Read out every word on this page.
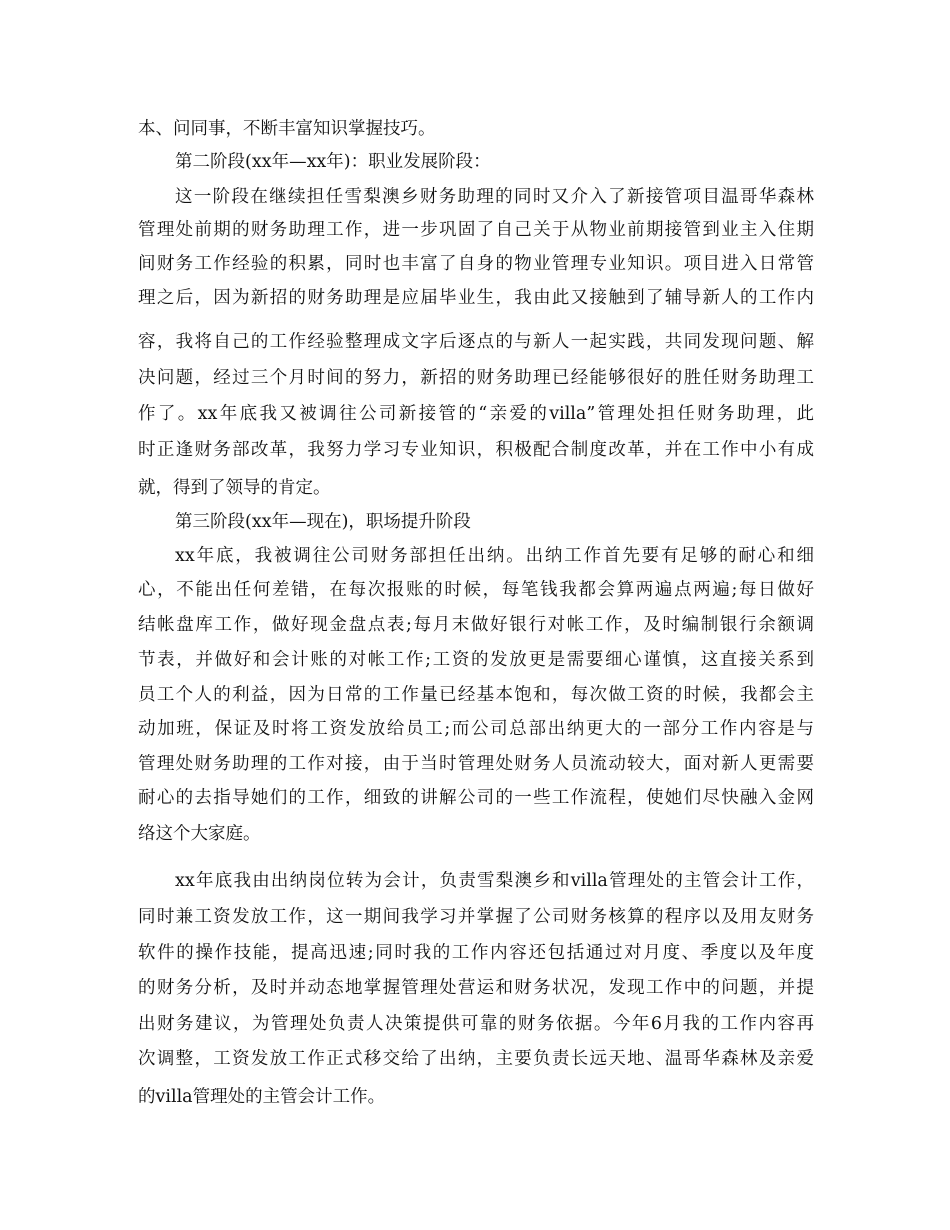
本、问同事，不断丰富知识掌握技巧。
第二阶段(xx年—xx年)：职业发展阶段：
这一阶段在继续担任雪梨澳乡财务助理的同时又介入了新接管项目温哥华森林
管理处前期的财务助理工作，进一步巩固了自己关于从物业前期接管到业主入住期
间财务工作经验的积累，同时也丰富了自身的物业管理专业知识。项目进入日常管
理之后，因为新招的财务助理是应届毕业生，我由此又接触到了辅导新人的工作内
容，我将自己的工作经验整理成文字后逐点的与新人一起实践，共同发现问题、解
决问题，经过三个月时间的努力，新招的财务助理已经能够很好的胜任财务助理工
作了。xx年底我又被调往公司新接管的“亲爱的villa”管理处担任财务助理，此
时正逢财务部改革，我努力学习专业知识，积极配合制度改革，并在工作中小有成
就，得到了领导的肯定。
第三阶段(xx年—现在)，职场提升阶段
xx年底，我被调往公司财务部担任出纳。出纳工作首先要有足够的耐心和细
心，不能出任何差错，在每次报账的时候，每笔钱我都会算两遍点两遍;每日做好
结帐盘库工作，做好现金盘点表;每月末做好银行对帐工作，及时编制银行余额调
节表，并做好和会计账的对帐工作;工资的发放更是需要细心谨慎，这直接关系到
员工个人的利益，因为日常的工作量已经基本饱和，每次做工资的时候，我都会主
动加班，保证及时将工资发放给员工;而公司总部出纳更大的一部分工作内容是与
管理处财务助理的工作对接，由于当时管理处财务人员流动较大，面对新人更需要
耐心的去指导她们的工作，细致的讲解公司的一些工作流程，使她们尽快融入金网
络这个大家庭。
xx年底我由出纳岗位转为会计，负责雪梨澳乡和villa管理处的主管会计工作，
同时兼工资发放工作，这一期间我学习并掌握了公司财务核算的程序以及用友财务
软件的操作技能，提高迅速;同时我的工作内容还包括通过对月度、季度以及年度
的财务分析，及时并动态地掌握管理处营运和财务状况，发现工作中的问题，并提
出财务建议，为管理处负责人决策提供可靠的财务依据。今年6月我的工作内容再
次调整，工资发放工作正式移交给了出纳，主要负责长远天地、温哥华森林及亲爱
的villa管理处的主管会计工作。
